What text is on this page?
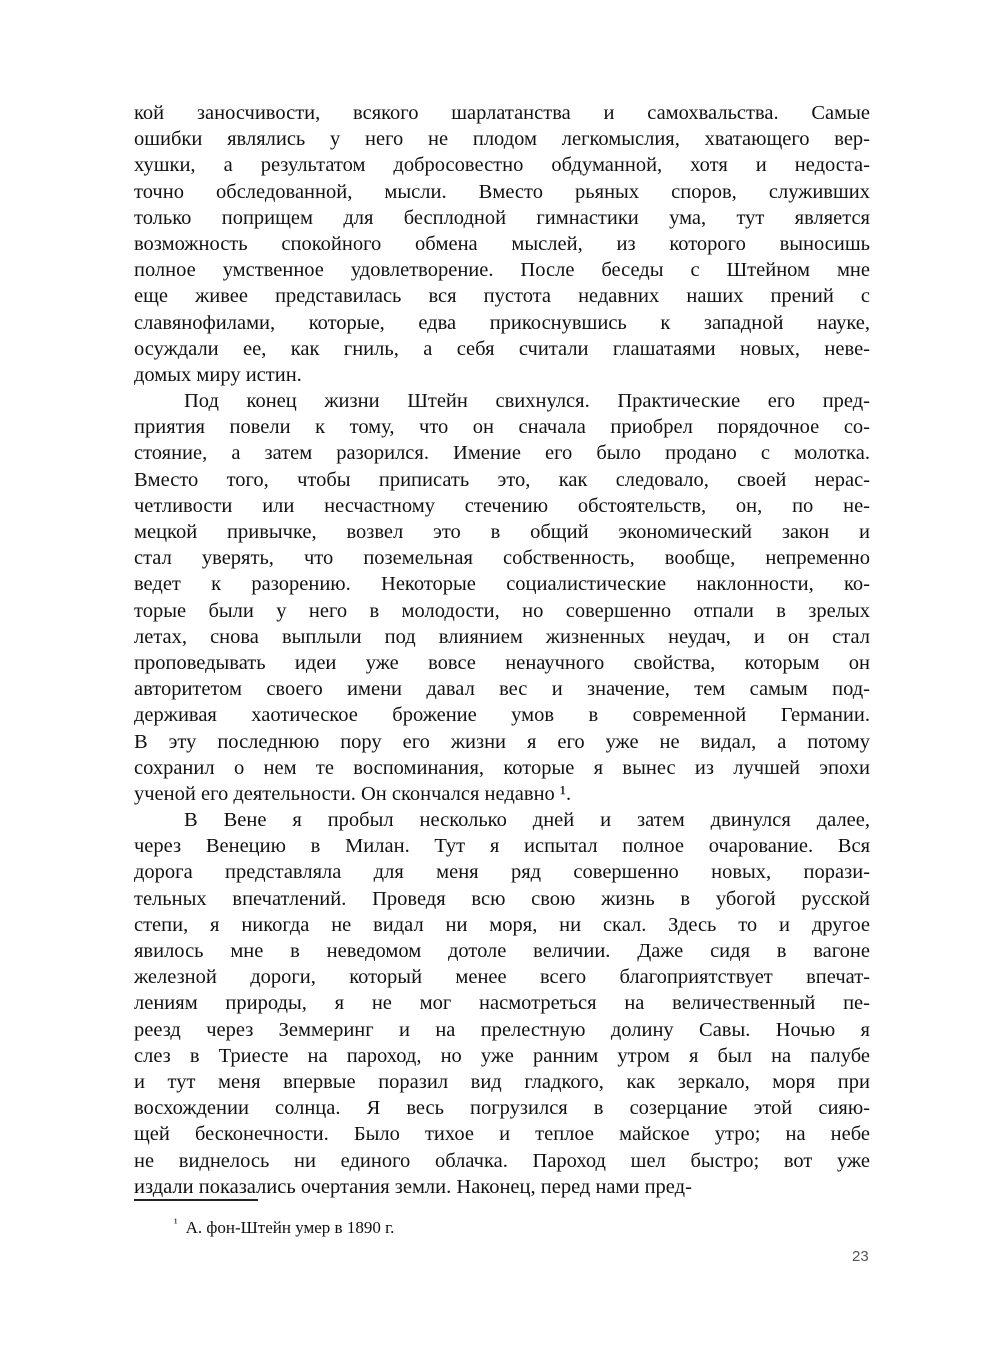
кой заносчивости, всякого шарлатанства и самохвальства. Самые
ошибки являлись у него не плодом легкомыслия, хватающего вер-
хушки, а результатом добросовестно обдуманной, хотя и недоста-
точно обследованной, мысли. Вместо рьяных споров, служивших
только поприщем для бесплодной гимнастики ума, тут является
возможность спокойного обмена мыслей, из которого выносишь
полное умственное удовлетворение. После беседы с Штейном мне
еще живее представилась вся пустота недавних наших прений с
славянофилами, которые, едва прикоснувшись к западной науке,
осуждали ее, как гниль, а себя считали глашатаями новых, неве-
домых миру истин.
Под конец жизни Штейн свихнулся. Практические его пред-
приятия повели к тому, что он сначала приобрел порядочное со-
стояние, а затем разорился. Имение его было продано с молотка.
Вместо того, чтобы приписать это, как следовало, своей нерас-
четливости или несчастному стечению обстоятельств, он, по не-
мецкой привычке, возвел это в общий экономический закон и
стал уверять, что поземельная собственность, вообще, непременно
ведет к разорению. Некоторые социалистические наклонности, ко-
торые были у него в молодости, но совершенно отпали в зрелых
летах, снова выплыли под влиянием жизненных неудач, и он стал
проповедывать идеи уже вовсе ненаучного свойства, которым он
авторитетом своего имени давал вес и значение, тем самым под-
держивая хаотическое брожение умов в современной Германии.
В эту последнюю пору его жизни я его уже не видал, а потому
сохранил о нем те воспоминания, которые я вынес из лучшей эпохи
ученой его деятельности. Он скончался недавно ¹.
В Вене я пробыл несколько дней и затем двинулся далее,
через Венецию в Милан. Тут я испытал полное очарование. Вся
дорога представляла для меня ряд совершенно новых, порази-
тельных впечатлений. Проведя всю свою жизнь в убогой русской
степи, я никогда не видал ни моря, ни скал. Здесь то и другое
явилось мне в неведомом дотоле величии. Даже сидя в вагоне
железной дороги, который менее всего благоприятствует впечат-
лениям природы, я не мог насмотреться на величественный пе-
реезд через Земмеринг и на прелестную долину Савы. Ночью я
слез в Триесте на пароход, но уже ранним утром я был на палубе
и тут меня впервые поразил вид гладкого, как зеркало, моря при
восхождении солнца. Я весь погрузился в созерцание этой сияю-
щей бесконечности. Было тихое и теплое майское утро; на небе
не виднелось ни единого облачка. Пароход шел быстро; вот уже
издали показались очертания земли. Наконец, перед нами пред-
$^{^1}$ А. фон-Штейн умер в 1890 г.
23
